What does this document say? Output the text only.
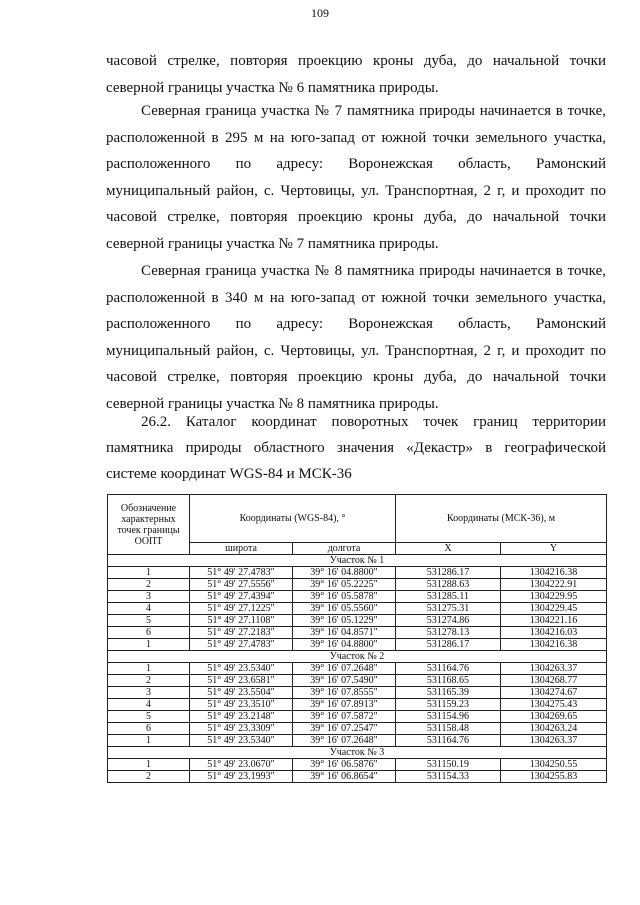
109

часовой стрелке, повторяя проекцию кроны дуба, до начальной точки северной границы участка № 6 памятника природы.

Северная граница участка № 7 памятника природы начинается в точке, расположенной в 295 м на юго-запад от южной точки земельного участка, расположенного по адресу: Воронежская область, Рамонский муниципальный район, с. Чертовицы, ул. Транспортная, 2 г, и проходит по часовой стрелке, повторяя проекцию кроны дуба, до начальной точки северной границы участка № 7 памятника природы.

Северная граница участка № 8 памятника природы начинается в точке, расположенной в 340 м на юго-запад от южной точки земельного участка, расположенного по адресу: Воронежская область, Рамонский муниципальный район, с. Чертовицы, ул. Транспортная, 2 г, и проходит по часовой стрелке, повторяя проекцию кроны дуба, до начальной точки северной границы участка № 8 памятника природы.

26.2. Каталог координат поворотных точек границ территории памятника природы областного значения «Декастр» в географической системе координат WGS-84 и МСК-36

Обозначение характерных точек границы ООПТ	Координаты (WGS-84), °		Координаты (МСК-36), м	
	широта	долгота	X	Y
Участок № 1				
1	51° 49' 27.4783"	39° 16' 04.8800"	531286.17	1304216.38
2	51° 49' 27.5556"	39° 16' 05.2225"	531288.63	1304222.91
3	51° 49' 27.4394"	39° 16' 05.5878"	531285.11	1304229.95
4	51° 49' 27.1225"	39° 16' 05.5560"	531275.31	1304229.45
5	51° 49' 27.1108"	39° 16' 05.1229"	531274.86	1304221.16
6	51° 49' 27.2183"	39° 16' 04.8571"	531278.13	1304216.03
1	51° 49' 27.4783"	39° 16' 04.8800"	531286.17	1304216.38
Участок № 2				
1	51° 49' 23.5340"	39° 16' 07.2648"	531164.76	1304263.37
2	51° 49' 23.6581"	39° 16' 07.5490"	531168.65	1304268.77
3	51° 49' 23.5504"	39° 16' 07.8555"	531165.39	1304274.67
4	51° 49' 23.3510"	39° 16' 07.8913"	531159.23	1304275.43
5	51° 49' 23.2148"	39° 16' 07.5872"	531154.96	1304269.65
6	51° 49' 23.3309"	39° 16' 07.2547"	531158.48	1304263.24
1	51° 49' 23.5340"	39° 16' 07.2648"	531164.76	1304263.37
Участок № 3				
1	51° 49' 23.0670"	39° 16' 06.5876"	531150.19	1304250.55
2	51° 49' 23.1993"	39° 16' 06.8654"	531154.33	1304255.83
